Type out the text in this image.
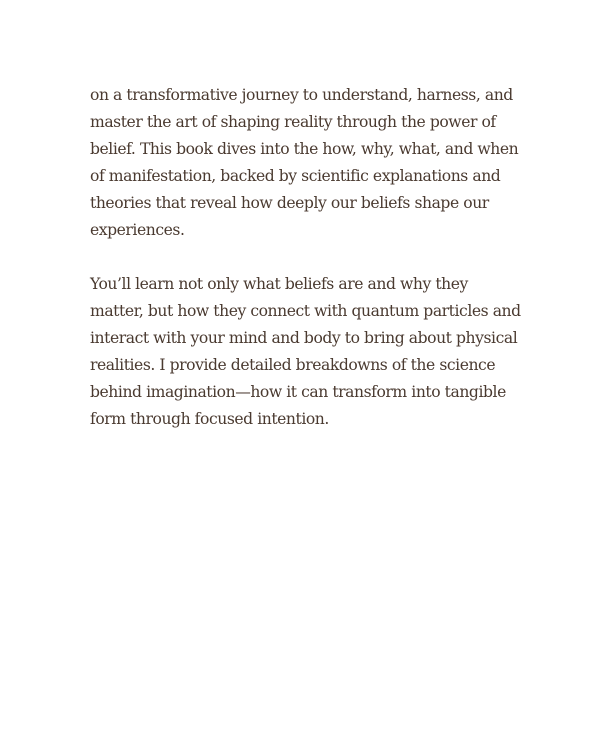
on a transformative journey to understand, harness, and
master the art of shaping reality through the power of
belief. This book dives into the how, why, what, and when
of manifestation, backed by scientific explanations and
theories that reveal how deeply our beliefs shape our
experiences.

You’ll learn not only what beliefs are and why they
matter, but how they connect with quantum particles and
interact with your mind and body to bring about physical
realities. I provide detailed breakdowns of the science
behind imagination—how it can transform into tangible
form through focused intention.
